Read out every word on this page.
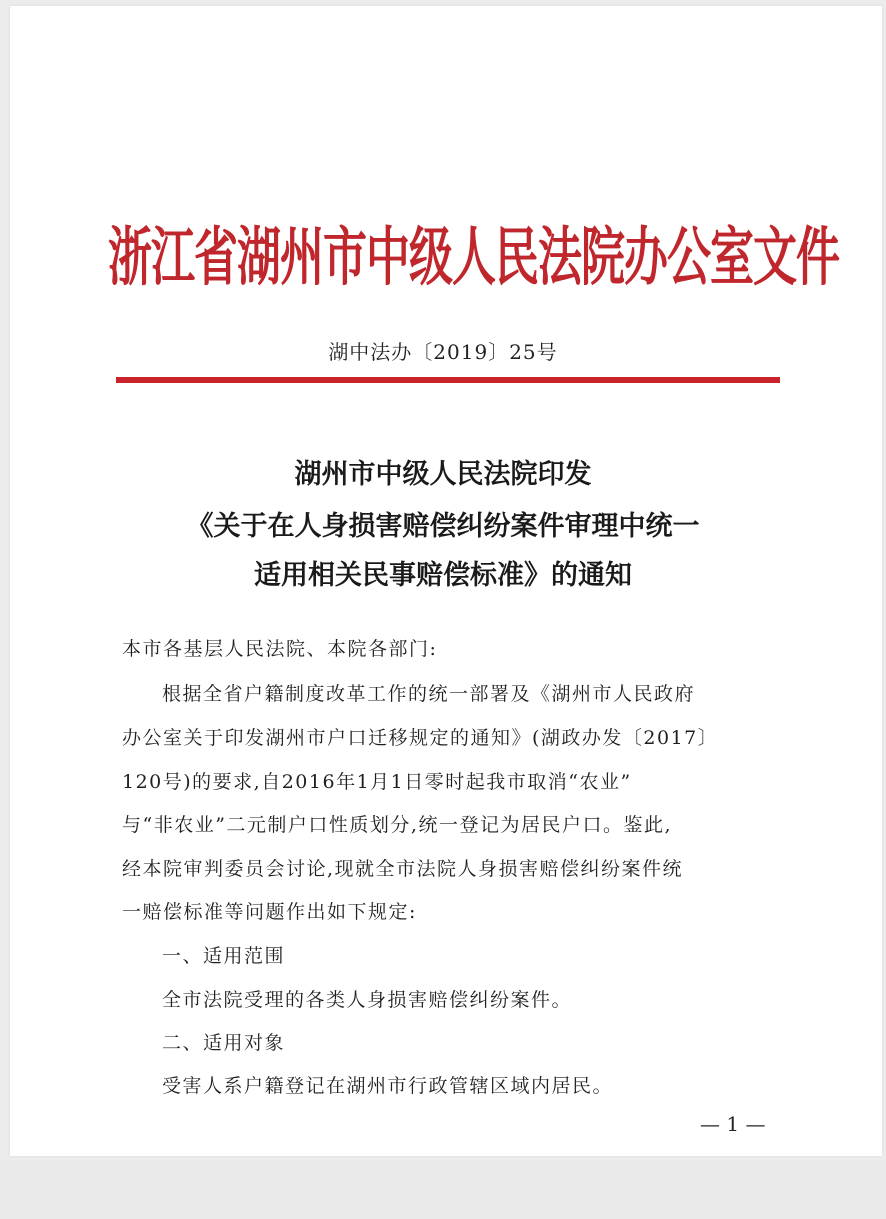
浙江省湖州市中级人民法院办公室文件
湖中法办〔2019〕25号
湖州市中级人民法院印发
《关于在人身损害赔偿纠纷案件审理中统一
适用相关民事赔偿标准》的通知
本市各基层人民法院、本院各部门:
根据全省户籍制度改革工作的统一部署及《湖州市人民政府
办公室关于印发湖州市户口迁移规定的通知》(湖政办发〔2017〕
120号)的要求,自2016年1月1日零时起我市取消“农业”
与“非农业”二元制户口性质划分,统一登记为居民户口。鉴此,
经本院审判委员会讨论,现就全市法院人身损害赔偿纠纷案件统
一赔偿标准等问题作出如下规定:
一、适用范围
全市法院受理的各类人身损害赔偿纠纷案件。
二、适用对象
受害人系户籍登记在湖州市行政管辖区域内居民。
— 1 —
